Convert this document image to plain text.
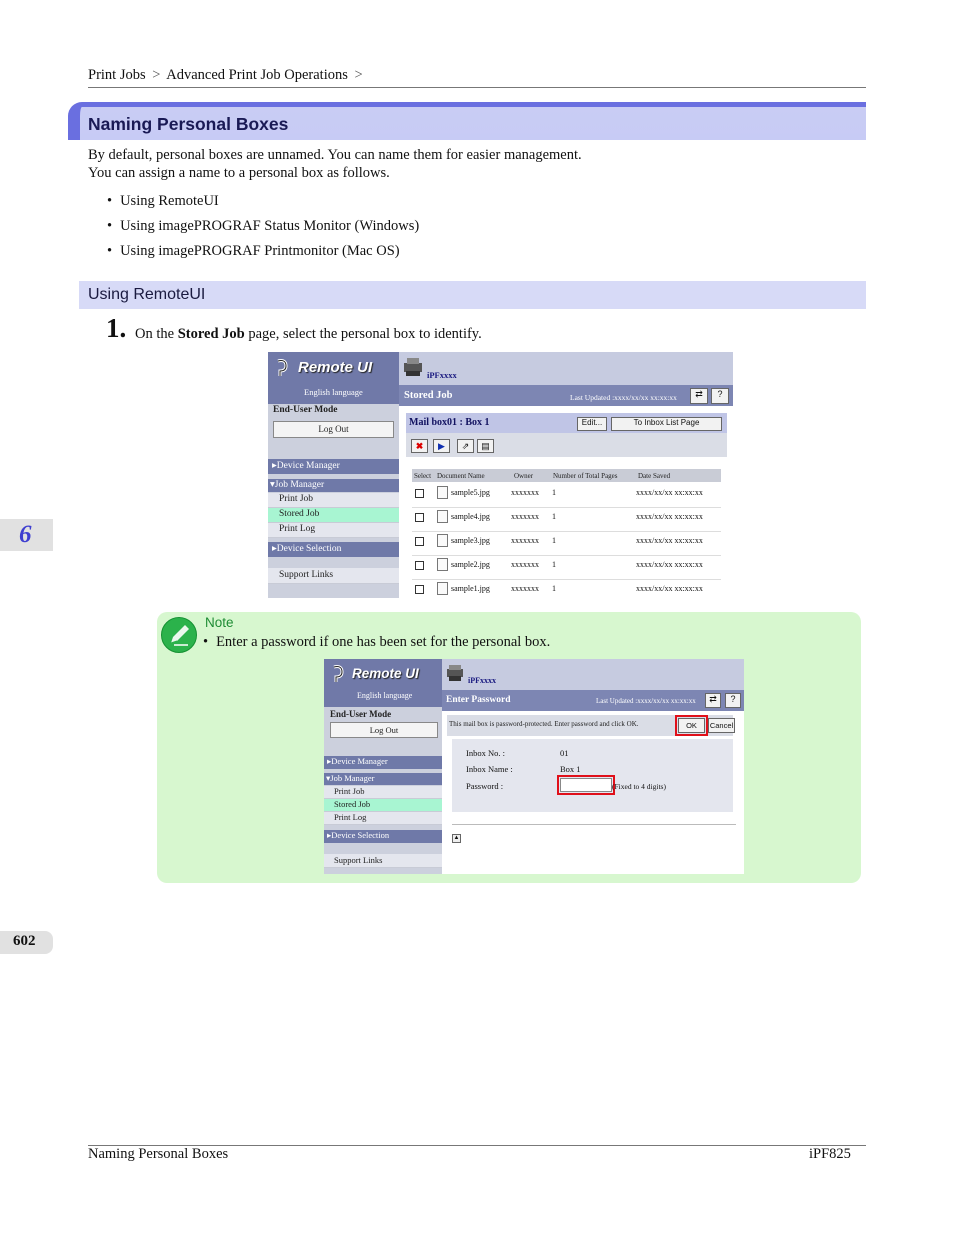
Print Jobs > Advanced Print Job Operations >
Naming Personal Boxes
By default, personal boxes are unnamed. You can name them for easier management.
You can assign a name to a personal box as follows.
• Using RemoteUI
• Using imagePROGRAF Status Monitor (Windows)
• Using imagePROGRAF Printmonitor (Mac OS)
Using RemoteUI
1. On the Stored Job page, select the personal box to identify.
Remote UI
English language
End-User Mode
Log Out
▸Device Manager
▾Job Manager
Print Job
Stored Job
Print Log
▸Device Selection
Support Links
iPFxxxx
Stored Job	Last Updated :xxxx/xx/xx xx:xx:xx	⇄	?
Mail box01 : Box 1	Edit...	To Inbox List Page
✖	▶	⇗	▤
Select Document Name	Owner	Number of Total Pages	Date Saved
sample5.jpg	xxxxxxx 1	xxxx/xx/xx xx:xx:xx
sample4.jpg	xxxxxxx 1	xxxx/xx/xx xx:xx:xx
sample3.jpg	xxxxxxx 1	xxxx/xx/xx xx:xx:xx
sample2.jpg	xxxxxxx 1	xxxx/xx/xx xx:xx:xx
sample1.jpg	xxxxxxx 1	xxxx/xx/xx xx:xx:xx
Note
• Enter a password if one has been set for the personal box.
Remote UI
English language
End-User Mode
Log Out
▸Device Manager
▾Job Manager
Print Job
Stored Job
Print Log
▸Device Selection
Support Links
iPFxxxx
Enter Password	Last Updated :xxxx/xx/xx xx:xx:xx	⇄	?
This mail box is password-protected. Enter password and click OK.	OK	Cancel
Inbox No. :	01
Inbox Name :	Box 1
Password :	(Fixed to 4 digits)
▲
6
602
Naming Personal Boxes	iPF825
